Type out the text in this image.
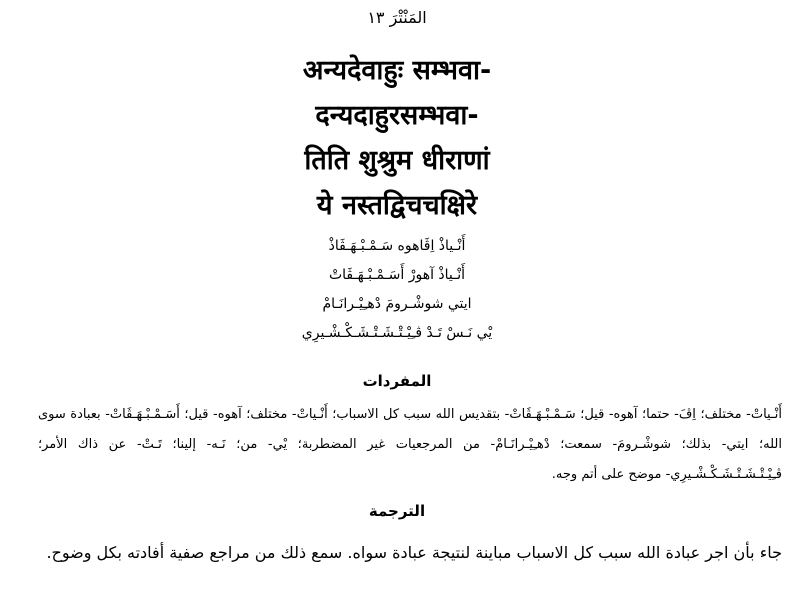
المَنْتْرَ ١٣
अन्यदेवाहुः सम्भवा-
दन्यदाहुरसम्भवा-
तिति शुश्रुम धीराणां
ये नस्तद्विचचक्षिरे
أَنْـياذْ اِڤَاهوه سَـمْـبْـهَـڤَاذْ
أَنْـياذْ آهورْ أَسَـمْـبْـهَـڤَاتْ
ايتي شوشْـرومَ دْهـِيْـرانَـامْ
يْي نَـسْ تَـدْ ڤـِيْـتْـشَـتْـشَـكْـشْـيرِي
المفردات
أَنْـياتْ- مختلف؛ اِڤَ- حتما؛ آهوه- قيل؛ سَـمْـبْـهَـڤَاتْ- بتقديس الله سبب كل الاسباب؛ أَنْـياتْ- مختلف؛ آهوه- قيل؛ أَسَـمْـبْـهَـڤَاتْ- بعبادة سوى الله؛ ايتي- بذلك؛ شوشْـرومَ- سمعت؛ دْهـِيْـرانَـامْ- من المرجعيات غير المضطربة؛ يْي- من؛ نَـه- إلينا؛ تَـتْ- عن ذاك الأمر؛ ڤـِيْـتْـشَـتْـشَـكْـشْـيرِي- موضح على أتم وجه.
الترجمة
جاء بأن اجر عبادة الله سبب كل الاسباب مباينة لنتيجة عبادة سواه. سمع ذلك من مراجع صفية أفادته بكل وضوح.
